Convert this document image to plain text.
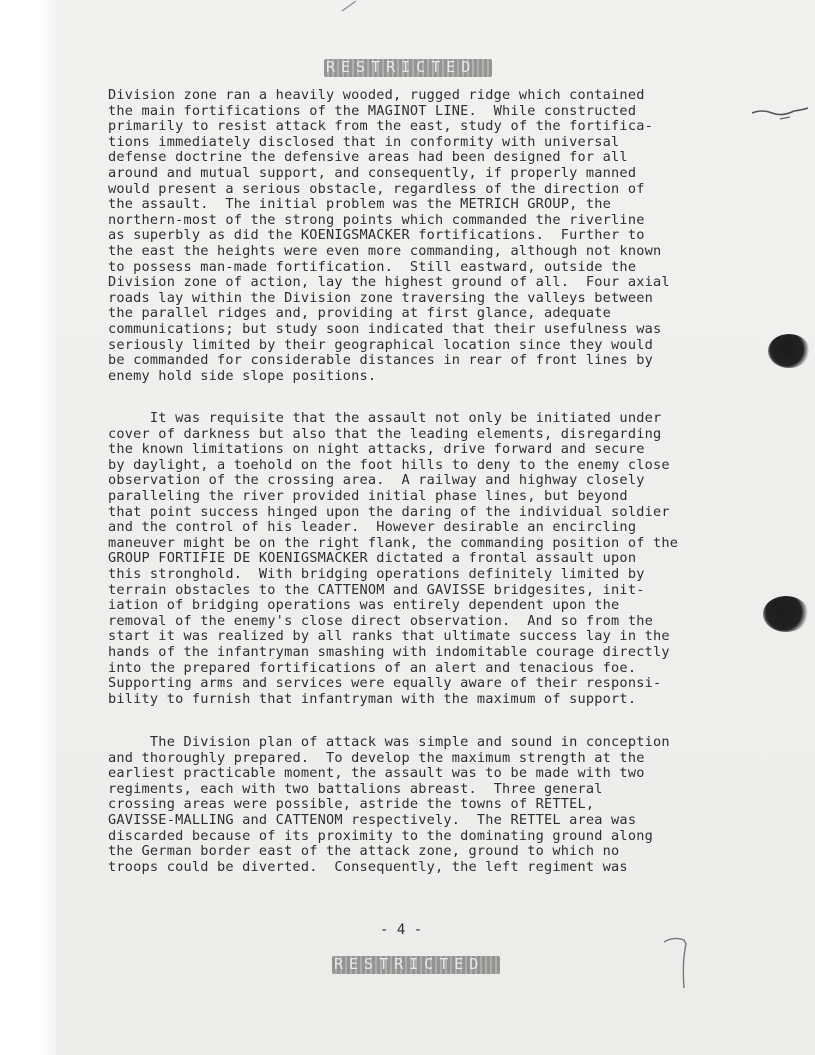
RESTRICTED
Division zone ran a heavily wooded, rugged ridge which contained
the main fortifications of the MAGINOT LINE.  While constructed
primarily to resist attack from the east, study of the fortifica-
tions immediately disclosed that in conformity with universal
defense doctrine the defensive areas had been designed for all
around and mutual support, and consequently, if properly manned
would present a serious obstacle, regardless of the direction of
the assault.  The initial problem was the METRICH GROUP, the
northern-most of the strong points which commanded the riverline
as superbly as did the KOENIGSMACKER fortifications.  Further to
the east the heights were even more commanding, although not known
to possess man-made fortification.  Still eastward, outside the
Division zone of action, lay the highest ground of all.  Four axial
roads lay within the Division zone traversing the valleys between
the parallel ridges and, providing at first glance, adequate
communications; but study soon indicated that their usefulness was
seriously limited by their geographical location since they would
be commanded for considerable distances in rear of front lines by
enemy hold side slope positions.
It was requisite that the assault not only be initiated under
cover of darkness but also that the leading elements, disregarding
the known limitations on night attacks, drive forward and secure
by daylight, a toehold on the foot hills to deny to the enemy close
observation of the crossing area.  A railway and highway closely
paralleling the river provided initial phase lines, but beyond
that point success hinged upon the daring of the individual soldier
and the control of his leader.  However desirable an encircling
maneuver might be on the right flank, the commanding position of the
GROUP FORTIFIE DE KOENIGSMACKER dictated a frontal assault upon
this stronghold.  With bridging operations definitely limited by
terrain obstacles to the CATTENOM and GAVISSE bridgesites, init-
iation of bridging operations was entirely dependent upon the
removal of the enemy's close direct observation.  And so from the
start it was realized by all ranks that ultimate success lay in the
hands of the infantryman smashing with indomitable courage directly
into the prepared fortifications of an alert and tenacious foe.
Supporting arms and services were equally aware of their responsi-
bility to furnish that infantryman with the maximum of support.
The Division plan of attack was simple and sound in conception
and thoroughly prepared.  To develop the maximum strength at the
earliest practicable moment, the assault was to be made with two
regiments, each with two battalions abreast.  Three general
crossing areas were possible, astride the towns of RETTEL,
GAVISSE-MALLING and CATTENOM respectively.  The RETTEL area was
discarded because of its proximity to the dominating ground along
the German border east of the attack zone, ground to which no
troops could be diverted.  Consequently, the left regiment was
- 4 -
RESTRICTED
